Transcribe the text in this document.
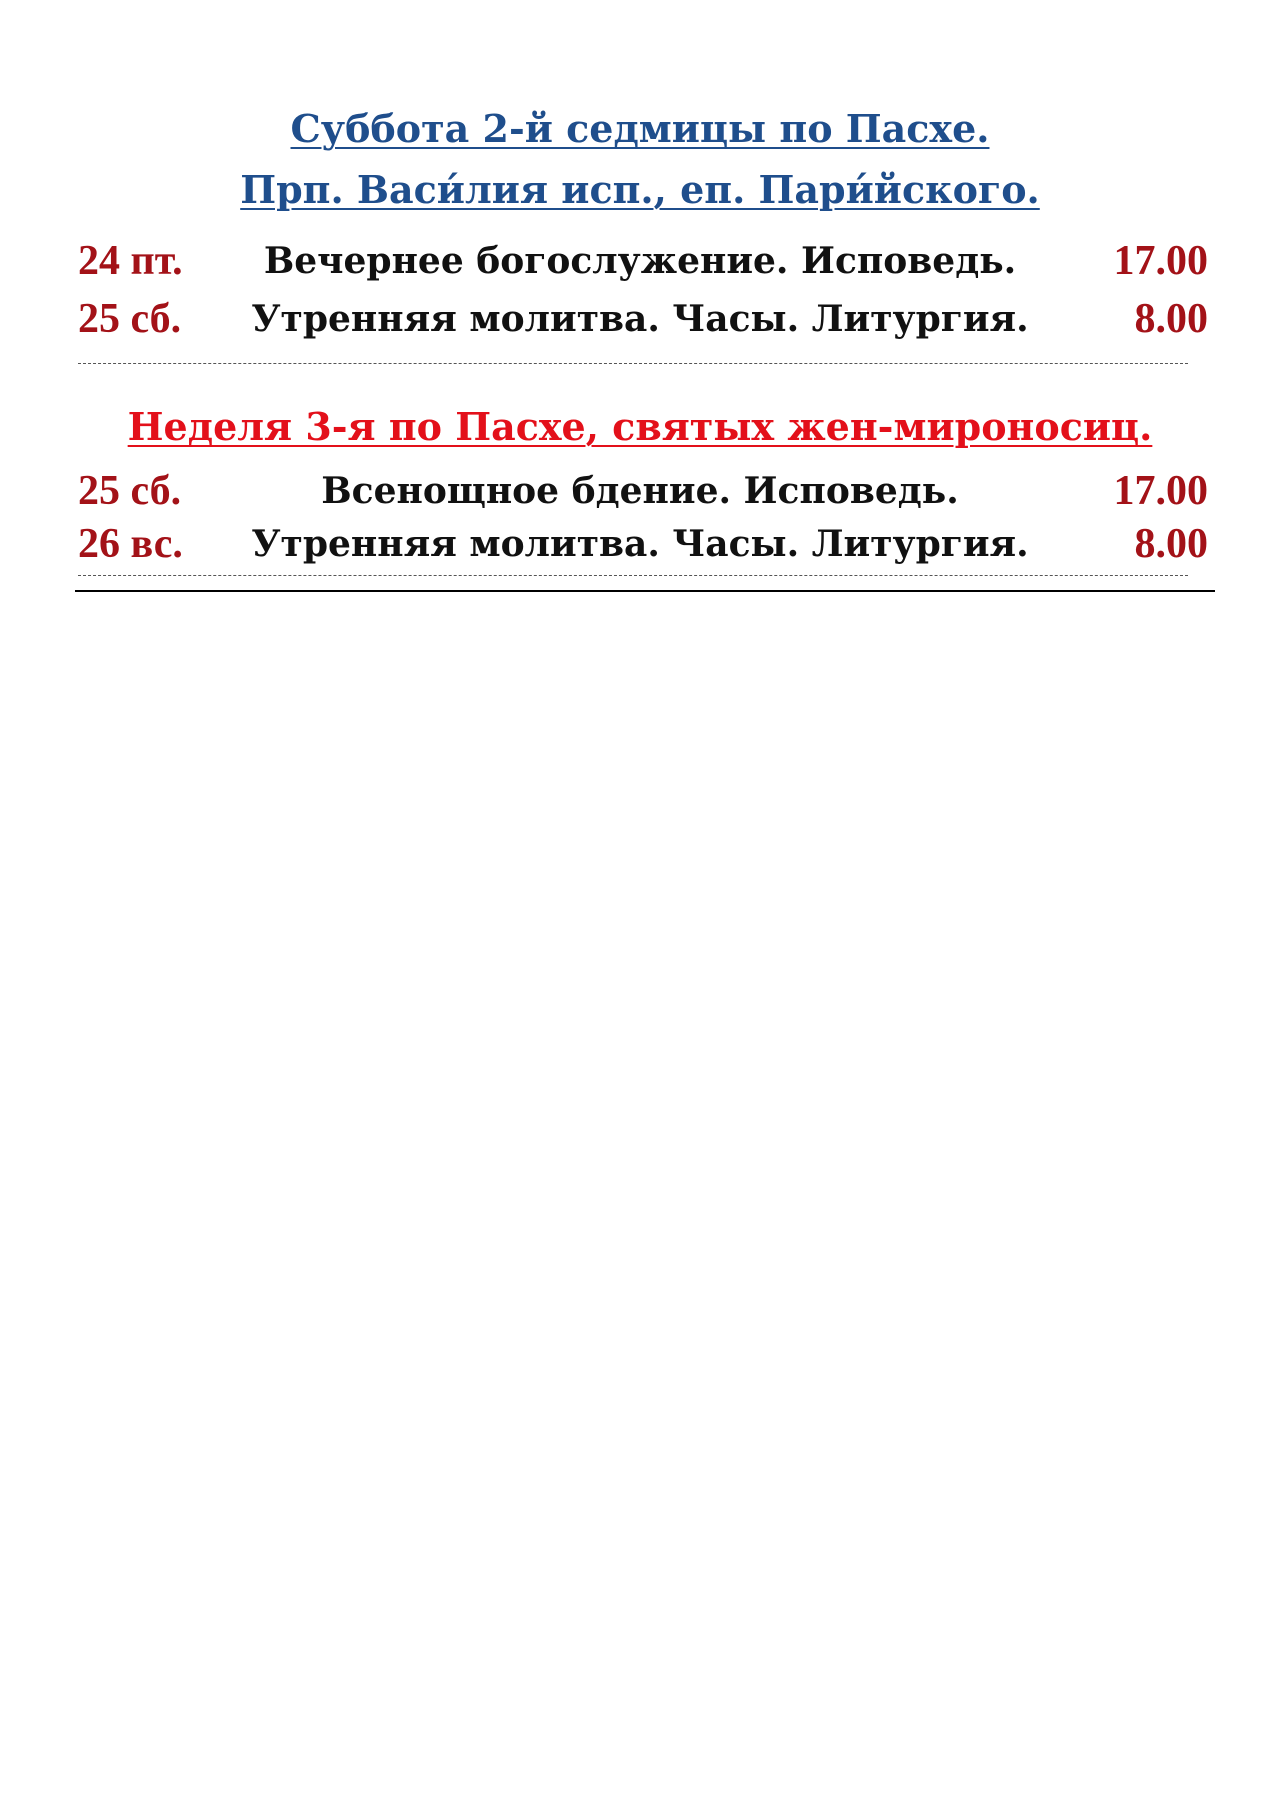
Суббота 2-й седмицы по Пасхе.
Прп. Васи́лия исп., еп. Пари́йского.
24 пт.	Вечернее богослужение. Исповедь.	17.00
25 сб.	Утренняя молитва. Часы. Литургия.	8.00
Неделя 3-я по Пасхе, святых жен-мироносиц.
25 сб.	Всенощное бдение. Исповедь.	17.00
26 вс.	Утренняя молитва. Часы. Литургия.	8.00
